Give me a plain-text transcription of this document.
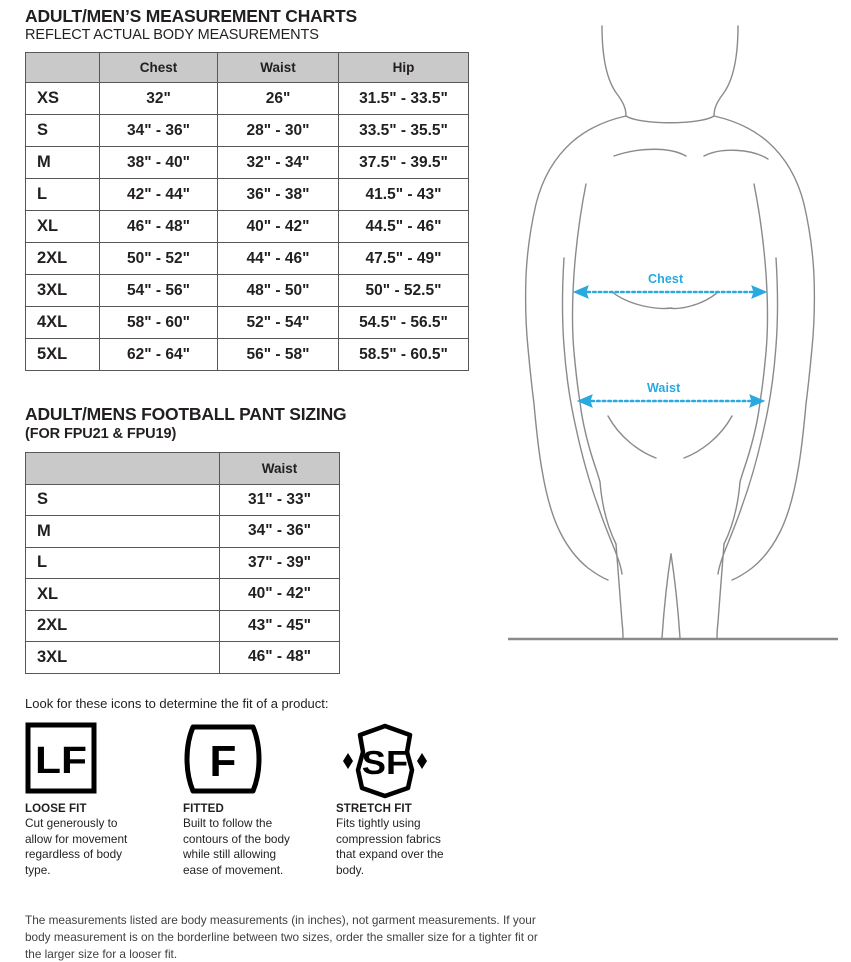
ADULT/MEN’S MEASUREMENT CHARTS
REFLECT ACTUAL BODY MEASUREMENTS
	Chest	Waist	Hip
XS	32"	26"	31.5" - 33.5"
S	34" - 36"	28" - 30"	33.5" - 35.5"
M	38" - 40"	32" - 34"	37.5" - 39.5"
L	42" - 44"	36" - 38"	41.5" - 43"
XL	46" - 48"	40" - 42"	44.5" - 46"
2XL	50" - 52"	44" - 46"	47.5" - 49"
3XL	54" - 56"	48" - 50"	50" - 52.5"
4XL	58" - 60"	52" - 54"	54.5" - 56.5"
5XL	62" - 64"	56" - 58"	58.5" - 60.5"
ADULT/MENS FOOTBALL PANT SIZING
(FOR FPU21 & FPU19)
	Waist
S	31" - 33"
M	34" - 36"
L	37" - 39"
XL	40" - 42"
2XL	43" - 45"
3XL	46" - 48"
Look for these icons to determine the fit of a product:
LF
LOOSE FIT
Cut generously to allow for movement regardless of body type.
F
FITTED
Built to follow the contours of the body while still allowing ease of movement.
SF
STRETCH FIT
Fits tightly using compression fabrics that expand over the body.
The measurements listed are body measurements (in inches), not garment measurements. If your body measurement is on the borderline between two sizes, order the smaller size for a tighter fit or the larger size for a looser fit.
Chest
Waist
